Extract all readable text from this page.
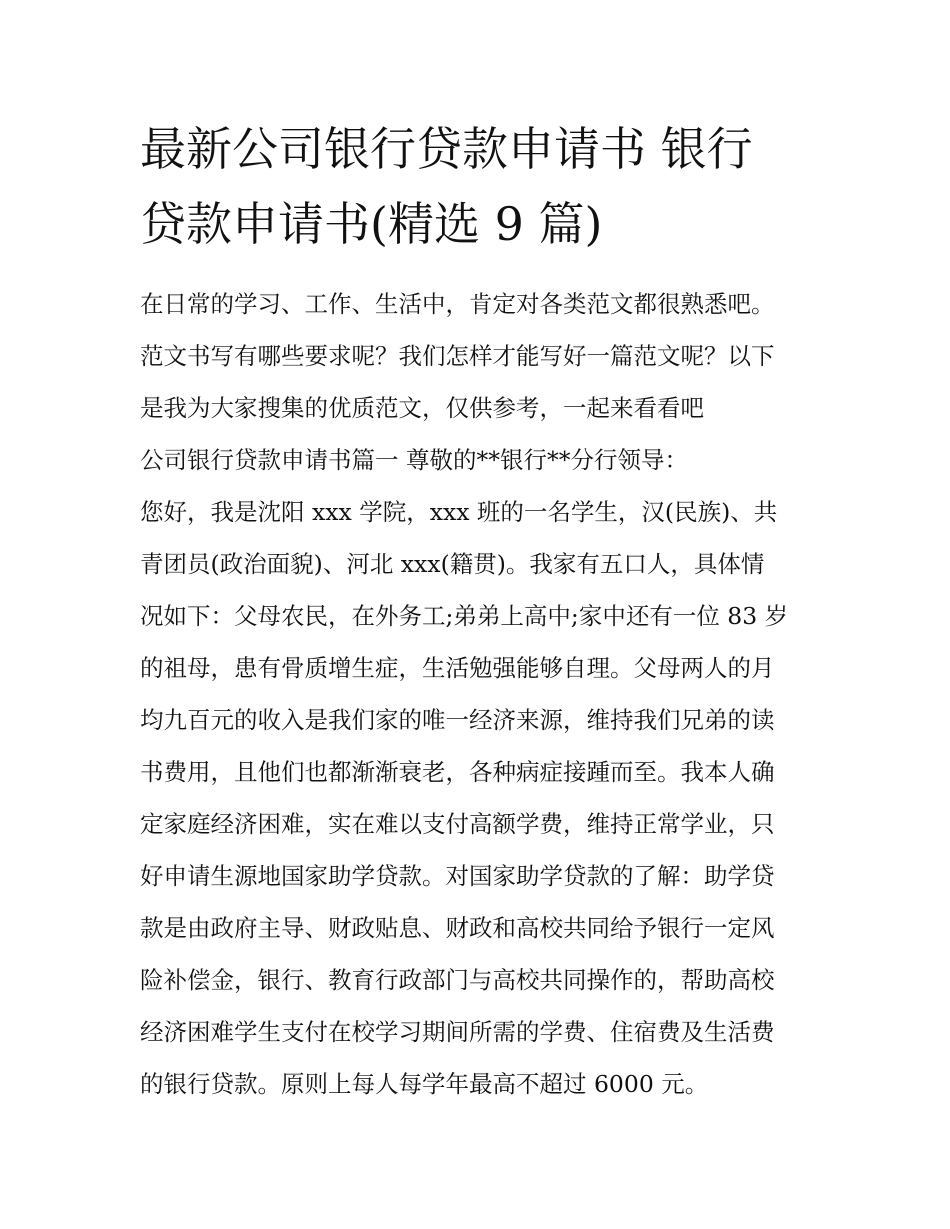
最新公司银行贷款申请书 银行
贷款申请书(精选 9 篇)
在日常的学习、工作、生活中，肯定对各类范文都很熟悉吧。
范文书写有哪些要求呢？我们怎样才能写好一篇范文呢？以下
是我为大家搜集的优质范文，仅供参考，一起来看看吧
公司银行贷款申请书篇一 尊敬的**银行**分行领导：
您好，我是沈阳 xxx 学院，xxx 班的一名学生，汉(民族)、共
青团员(政治面貌)、河北 xxx(籍贯)。我家有五口人，具体情
况如下：父母农民，在外务工;弟弟上高中;家中还有一位 83 岁
的祖母，患有骨质增生症，生活勉强能够自理。父母两人的月
均九百元的收入是我们家的唯一经济来源，维持我们兄弟的读
书费用，且他们也都渐渐衰老，各种病症接踵而至。我本人确
定家庭经济困难，实在难以支付高额学费，维持正常学业，只
好申请生源地国家助学贷款。对国家助学贷款的了解：助学贷
款是由政府主导、财政贴息、财政和高校共同给予银行一定风
险补偿金，银行、教育行政部门与高校共同操作的，帮助高校
经济困难学生支付在校学习期间所需的学费、住宿费及生活费
的银行贷款。原则上每人每学年最高不超过 6000 元。
